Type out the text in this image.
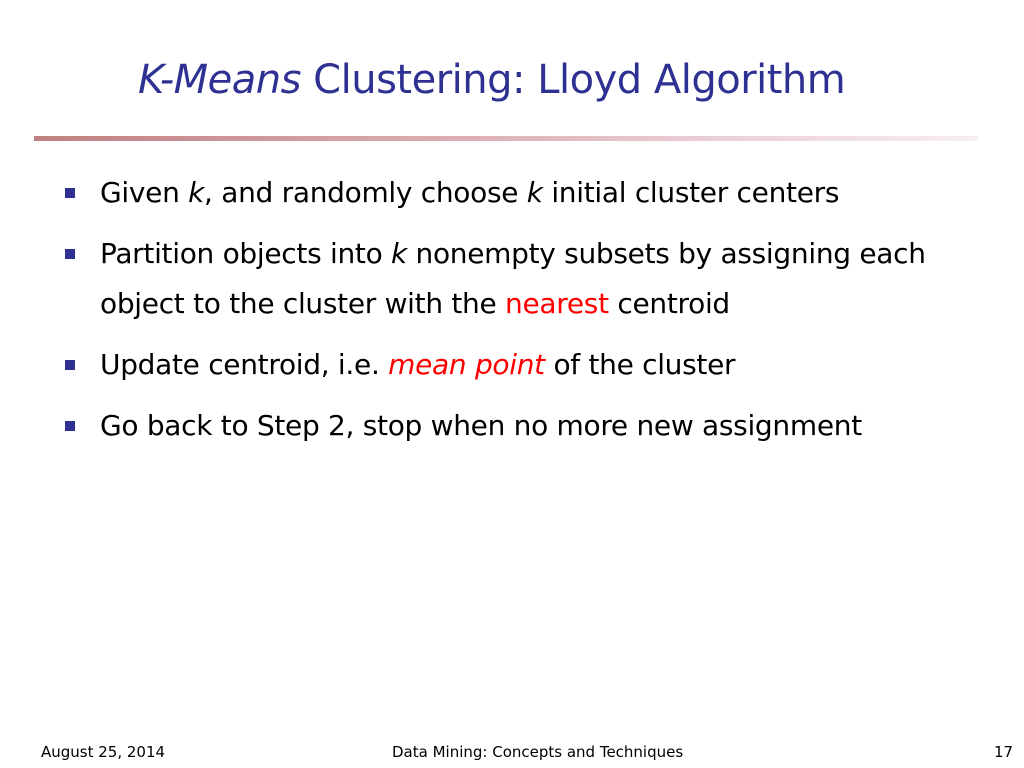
K-Means Clustering: Lloyd Algorithm
Given k, and randomly choose k initial cluster centers
Partition objects into k nonempty subsets by assigning each object to the cluster with the nearest centroid
Update centroid, i.e. mean point of the cluster
Go back to Step 2, stop when no more new assignment
August 25, 2014	Data Mining: Concepts and Techniques	17
